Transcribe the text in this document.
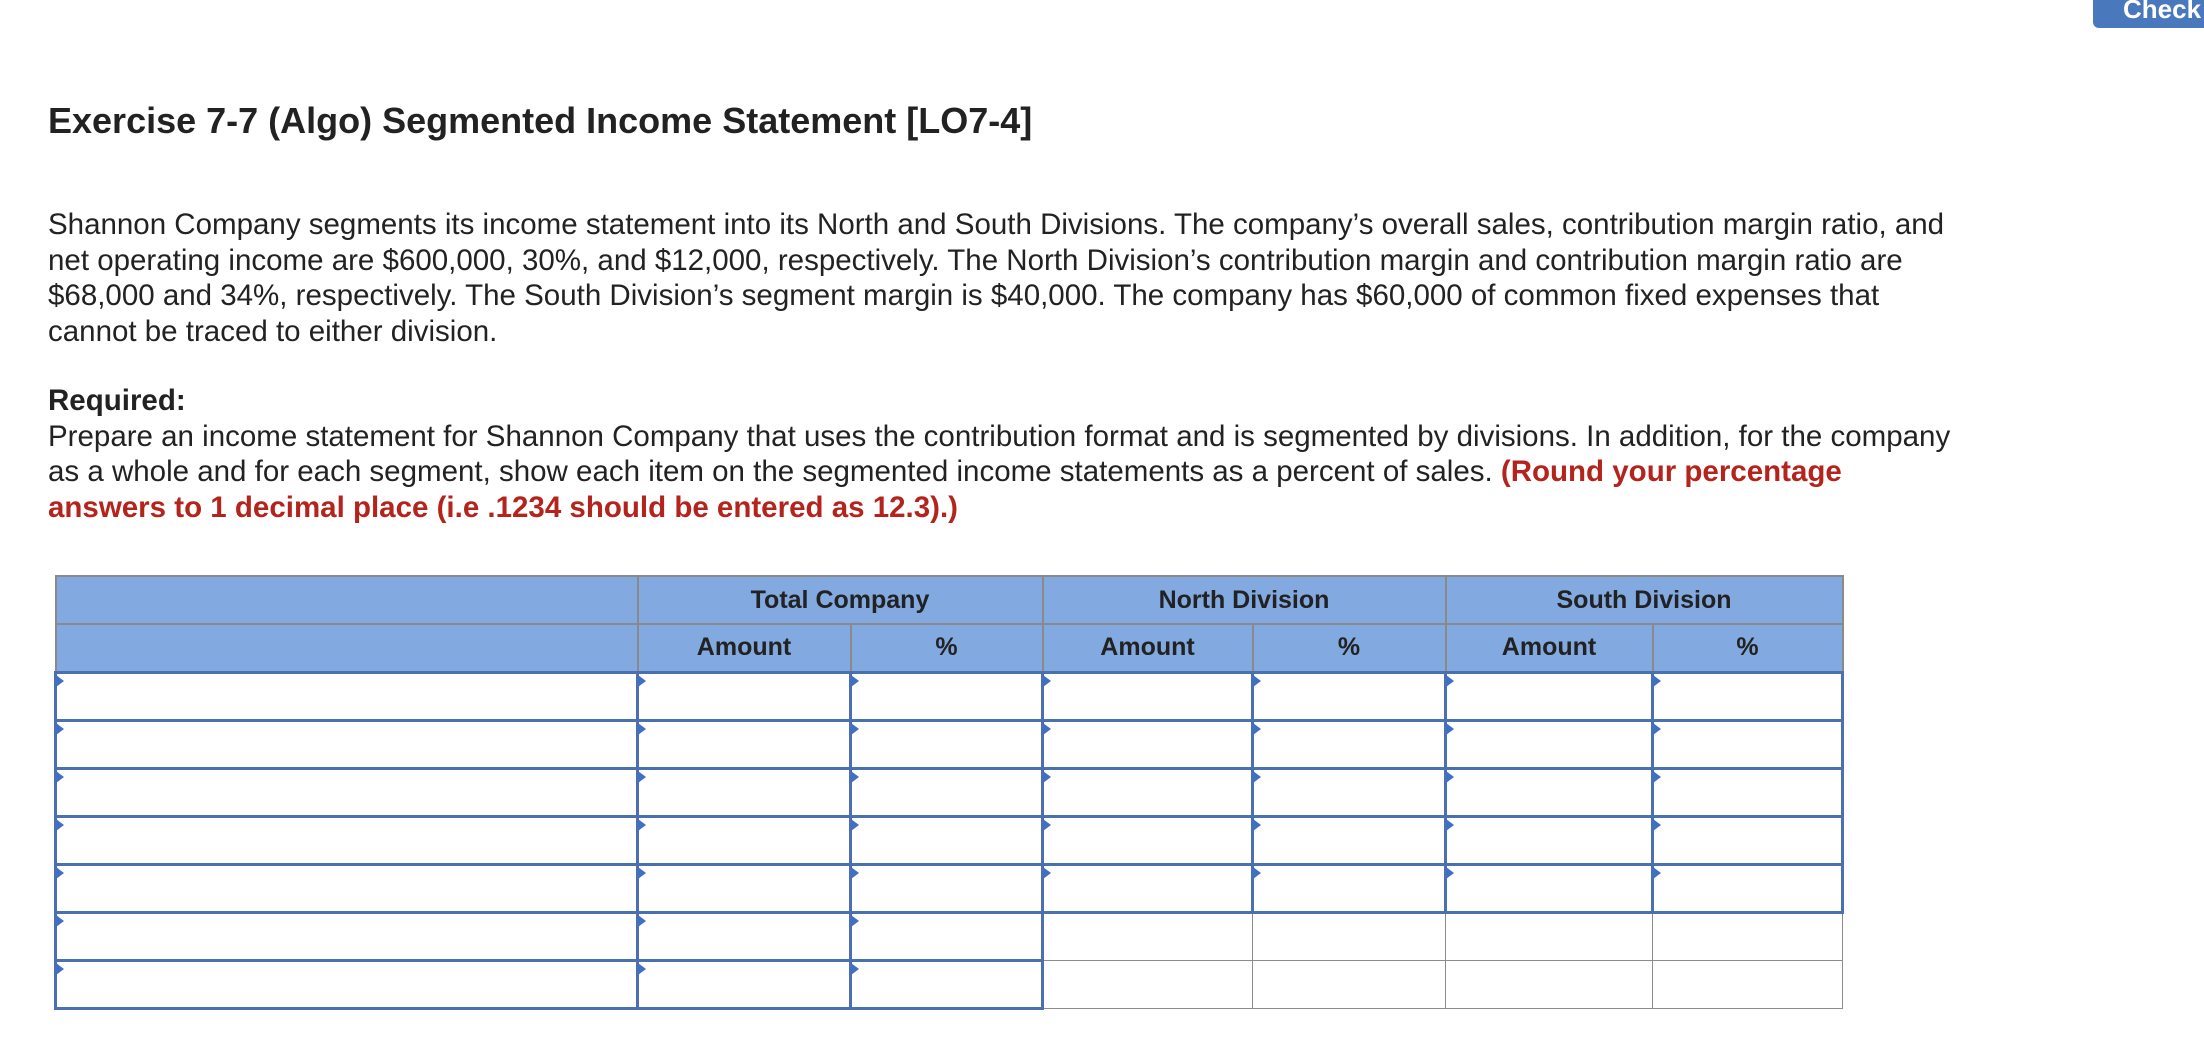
Check
Exercise 7-7 (Algo) Segmented Income Statement [LO7-4]

Shannon Company segments its income statement into its North and South Divisions. The company’s overall sales, contribution margin ratio, and net operating income are $600,000, 30%, and $12,000, respectively. The North Division’s contribution margin and contribution margin ratio are $68,000 and 34%, respectively. The South Division’s segment margin is $40,000. The company has $60,000 of common fixed expenses that cannot be traced to either division.

Required:
Prepare an income statement for Shannon Company that uses the contribution format and is segmented by divisions. In addition, for the company as a whole and for each segment, show each item on the segmented income statements as a percent of sales. (Round your percentage answers to 1 decimal place (i.e .1234 should be entered as 12.3).)
	Total Company		North Division		South Division	
	Amount	%	Amount	%	Amount	%
